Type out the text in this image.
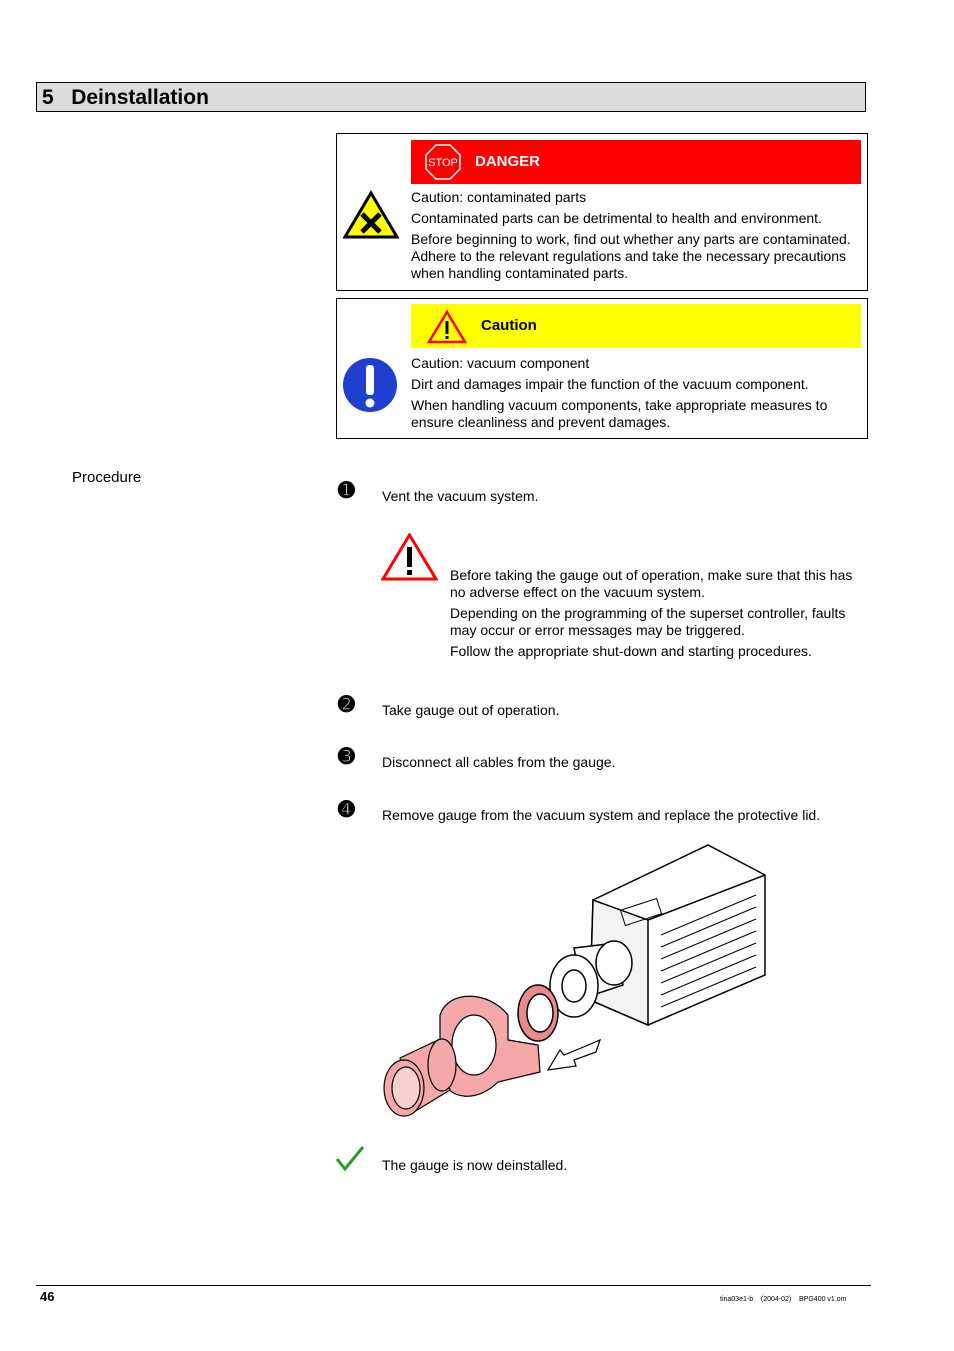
5 Deinstallation
STOP DANGER

Caution: contaminated parts

Contaminated parts can be detrimental to health and environment.

Before beginning to work, find out whether any parts are contaminated. Adhere to the relevant regulations and take the necessary precautions when handling contaminated parts.

Caution

Caution: vacuum component

Dirt and damages impair the function of the vacuum component.

When handling vacuum components, take appropriate measures to ensure cleanliness and prevent damages.

Procedure
➊ Vent the vacuum system.

Before taking the gauge out of operation, make sure that this has no adverse effect on the vacuum system.

Depending on the programming of the superset controller, faults may occur or error messages may be triggered.

Follow the appropriate shut-down and starting procedures.

➋ Take gauge out of operation.
➌ Disconnect all cables from the gauge.
➍ Remove gauge from the vacuum system and replace the protective lid.
The gauge is now deinstalled.
46	tina03e1-b (2004-02) BPG400 v1.om
